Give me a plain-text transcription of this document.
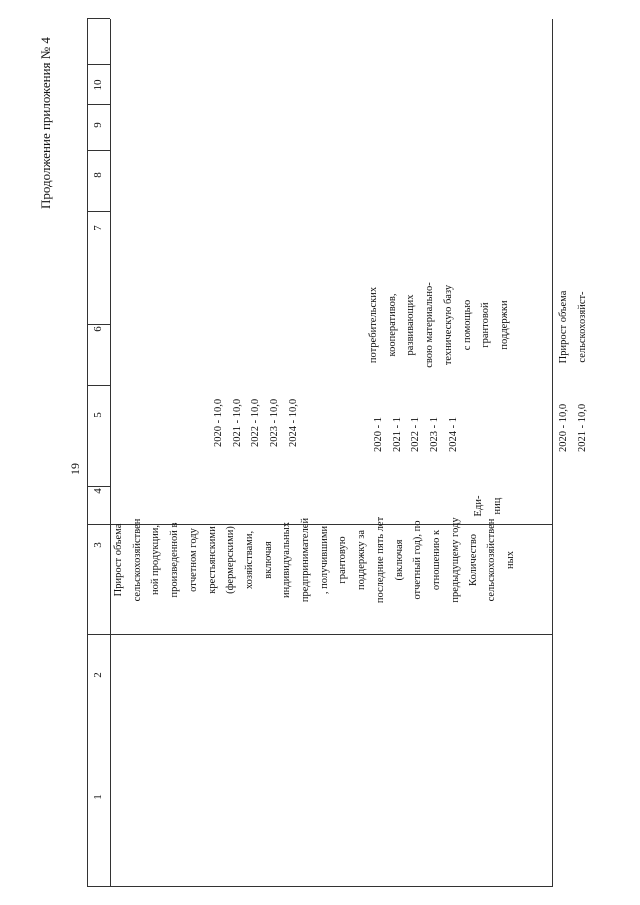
19
Продолжение приложения № 4
1
2
3
4
5
6
7
8
9
10
Прирост объема сельскохозяйствен ной продукции, произведенной в отчетном году крестьянскими (фермерскими) хозяйствами, включая индивидуальных предпринимателей , получившими грантовую поддержку за последние пять лет (включая отчетный год), по отношению к предыдущему году
2020 - 10,0 2021 - 10,0 2022 - 10,0 2023 - 10,0 2024 - 10,0
Количество
Еди- ниц
сельскохозяйствен ных
потребительских кооперативов, развивающих свою материально- техническую базу с помощью грантовой поддержки
2020 - 1 2021 - 1 2022 - 1 2023 - 1 2024 - 1
Прирост объема сельскохозяйст-
2020 - 10,0 2021 - 10,0
